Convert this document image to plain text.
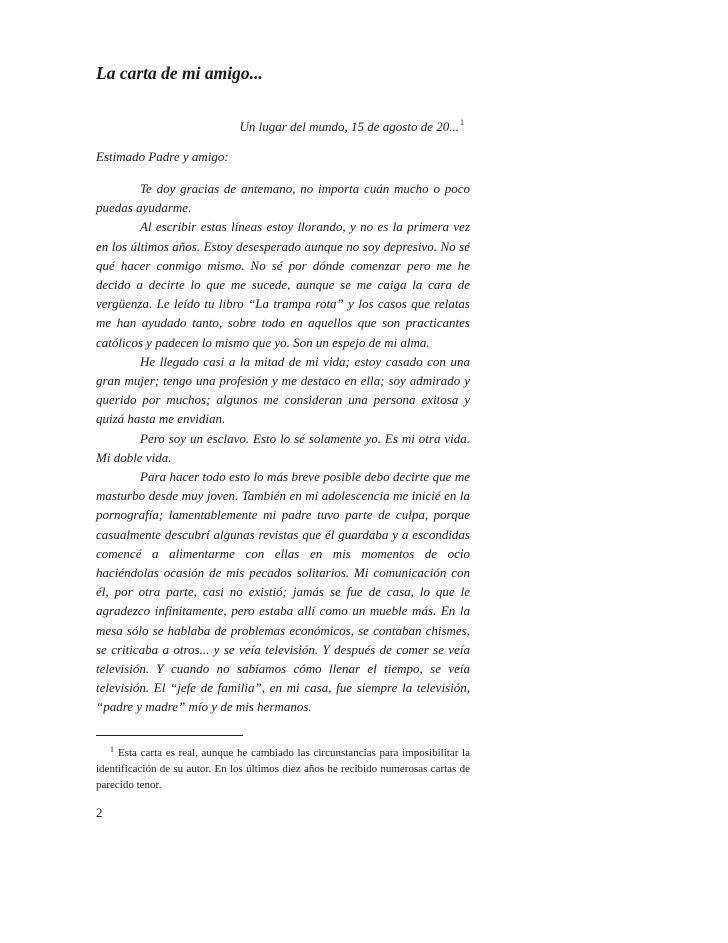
La carta de mi amigo...
Un lugar del mundo, 15 de agosto de 20...$^1$
Estimado Padre y amigo:

Te doy gracias de antemano, no importa cuán mucho o poco puedas ayudarme.

Al escribir estas líneas estoy llorando, y no es la primera vez en los últimos años. Estoy desesperado aunque no soy depresivo. No sé qué hacer conmigo mismo. No sé por dónde comenzar pero me he decido a decirte lo que me sucede, aunque se me caiga la cara de vergüenza. Le leído tu libro “La trampa rota” y los casos que relatas me han ayudado tanto, sobre todo en aquellos que son practicantes católicos y padecen lo mismo que yo. Son un espejo de mi alma.

He llegado casi a la mitad de mi vida; estoy casado con una gran mujer; tengo una profesión y me destaco en ella; soy admirado y querido por muchos; algunos me consideran una persona exitosa y quizá hasta me envidian.

Pero soy un esclavo. Esto lo sé solamente yo. Es mi otra vida. Mi doble vida.

Para hacer todo esto lo más breve posible debo decirte que me masturbo desde muy joven. También en mi adolescencia me inicié en la pornografía; lamentablemente mi padre tuvo parte de culpa, porque casualmente descubrí algunas revistas que él guardaba y a escondidas comencé a alimentarme con ellas en mis momentos de ocio haciéndolas ocasión de mis pecados solitarios. Mi comunicación con él, por otra parte, casi no existió; jamás se fue de casa, lo que le agradezco infinitamente, pero estaba allí como un mueble más. En la mesa sólo se hablaba de problemas económicos, se contaban chismes, se criticaba a otros... y se veía televisión. Y después de comer se veía televisión. Y cuando no sabíamos cómo llenar el tiempo, se veía televisión. El “jefe de familia”, en mi casa, fue siempre la televisión, “padre y madre” mío y de mis hermanos.

$^1$ Esta carta es real, aunque he cambiado las circunstancias para imposibilitar la identificación de su autor. En los últimos diez años he recibido numerosas cartas de parecido tenor.
2
